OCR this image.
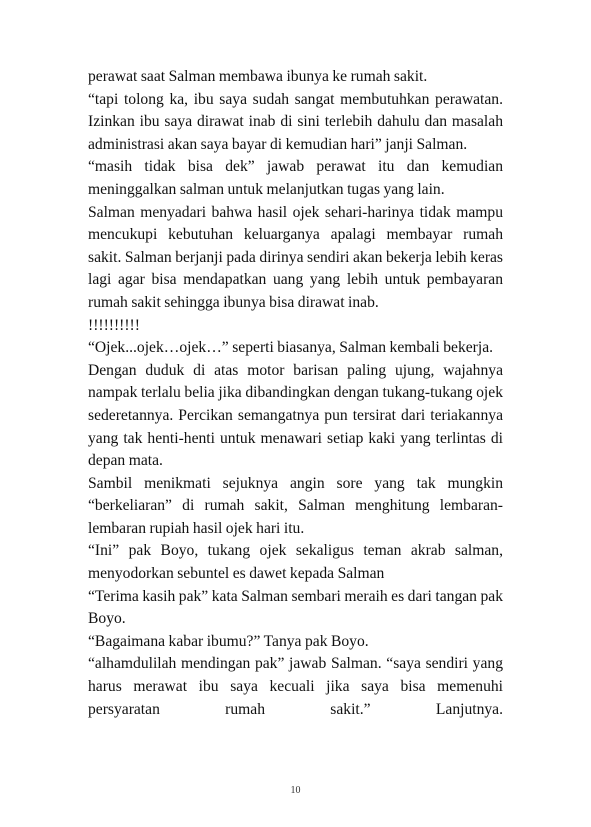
perawat saat Salman membawa ibunya ke rumah sakit.

“tapi tolong ka, ibu saya sudah sangat membutuhkan perawatan. Izinkan ibu saya dirawat inab di sini terlebih dahulu dan masalah administrasi akan saya bayar di kemudian hari” janji Salman.

“masih tidak bisa dek” jawab perawat itu dan kemudian meninggalkan salman untuk melanjutkan tugas yang lain.

Salman menyadari bahwa hasil ojek sehari-harinya tidak mampu mencukupi kebutuhan keluarganya apalagi membayar rumah sakit. Salman berjanji pada dirinya sendiri akan bekerja lebih keras lagi agar bisa mendapatkan uang yang lebih untuk pembayaran rumah sakit sehingga ibunya bisa dirawat inab.

!!!!!!!!!!

“Ojek...ojek…ojek…” seperti biasanya, Salman kembali bekerja.

Dengan duduk di atas motor barisan paling ujung, wajahnya nampak terlalu belia jika dibandingkan dengan tukang-tukang ojek sederetannya. Percikan semangatnya pun tersirat dari teriakannya yang tak henti-henti untuk menawari setiap kaki yang terlintas di depan mata.

Sambil menikmati sejuknya angin sore yang tak mungkin “berkeliaran” di rumah sakit, Salman menghitung lembaran-lembaran rupiah hasil ojek hari itu.

“Ini” pak Boyo, tukang ojek sekaligus teman akrab salman, menyodorkan sebuntel es dawet kepada Salman

“Terima kasih pak” kata Salman sembari meraih es dari tangan pak Boyo.

“Bagaimana kabar ibumu?” Tanya pak Boyo.

“alhamdulilah mendingan pak” jawab Salman. “saya sendiri yang harus merawat ibu saya kecuali jika saya bisa memenuhi persyaratan rumah sakit.” Lanjutnya.

10
